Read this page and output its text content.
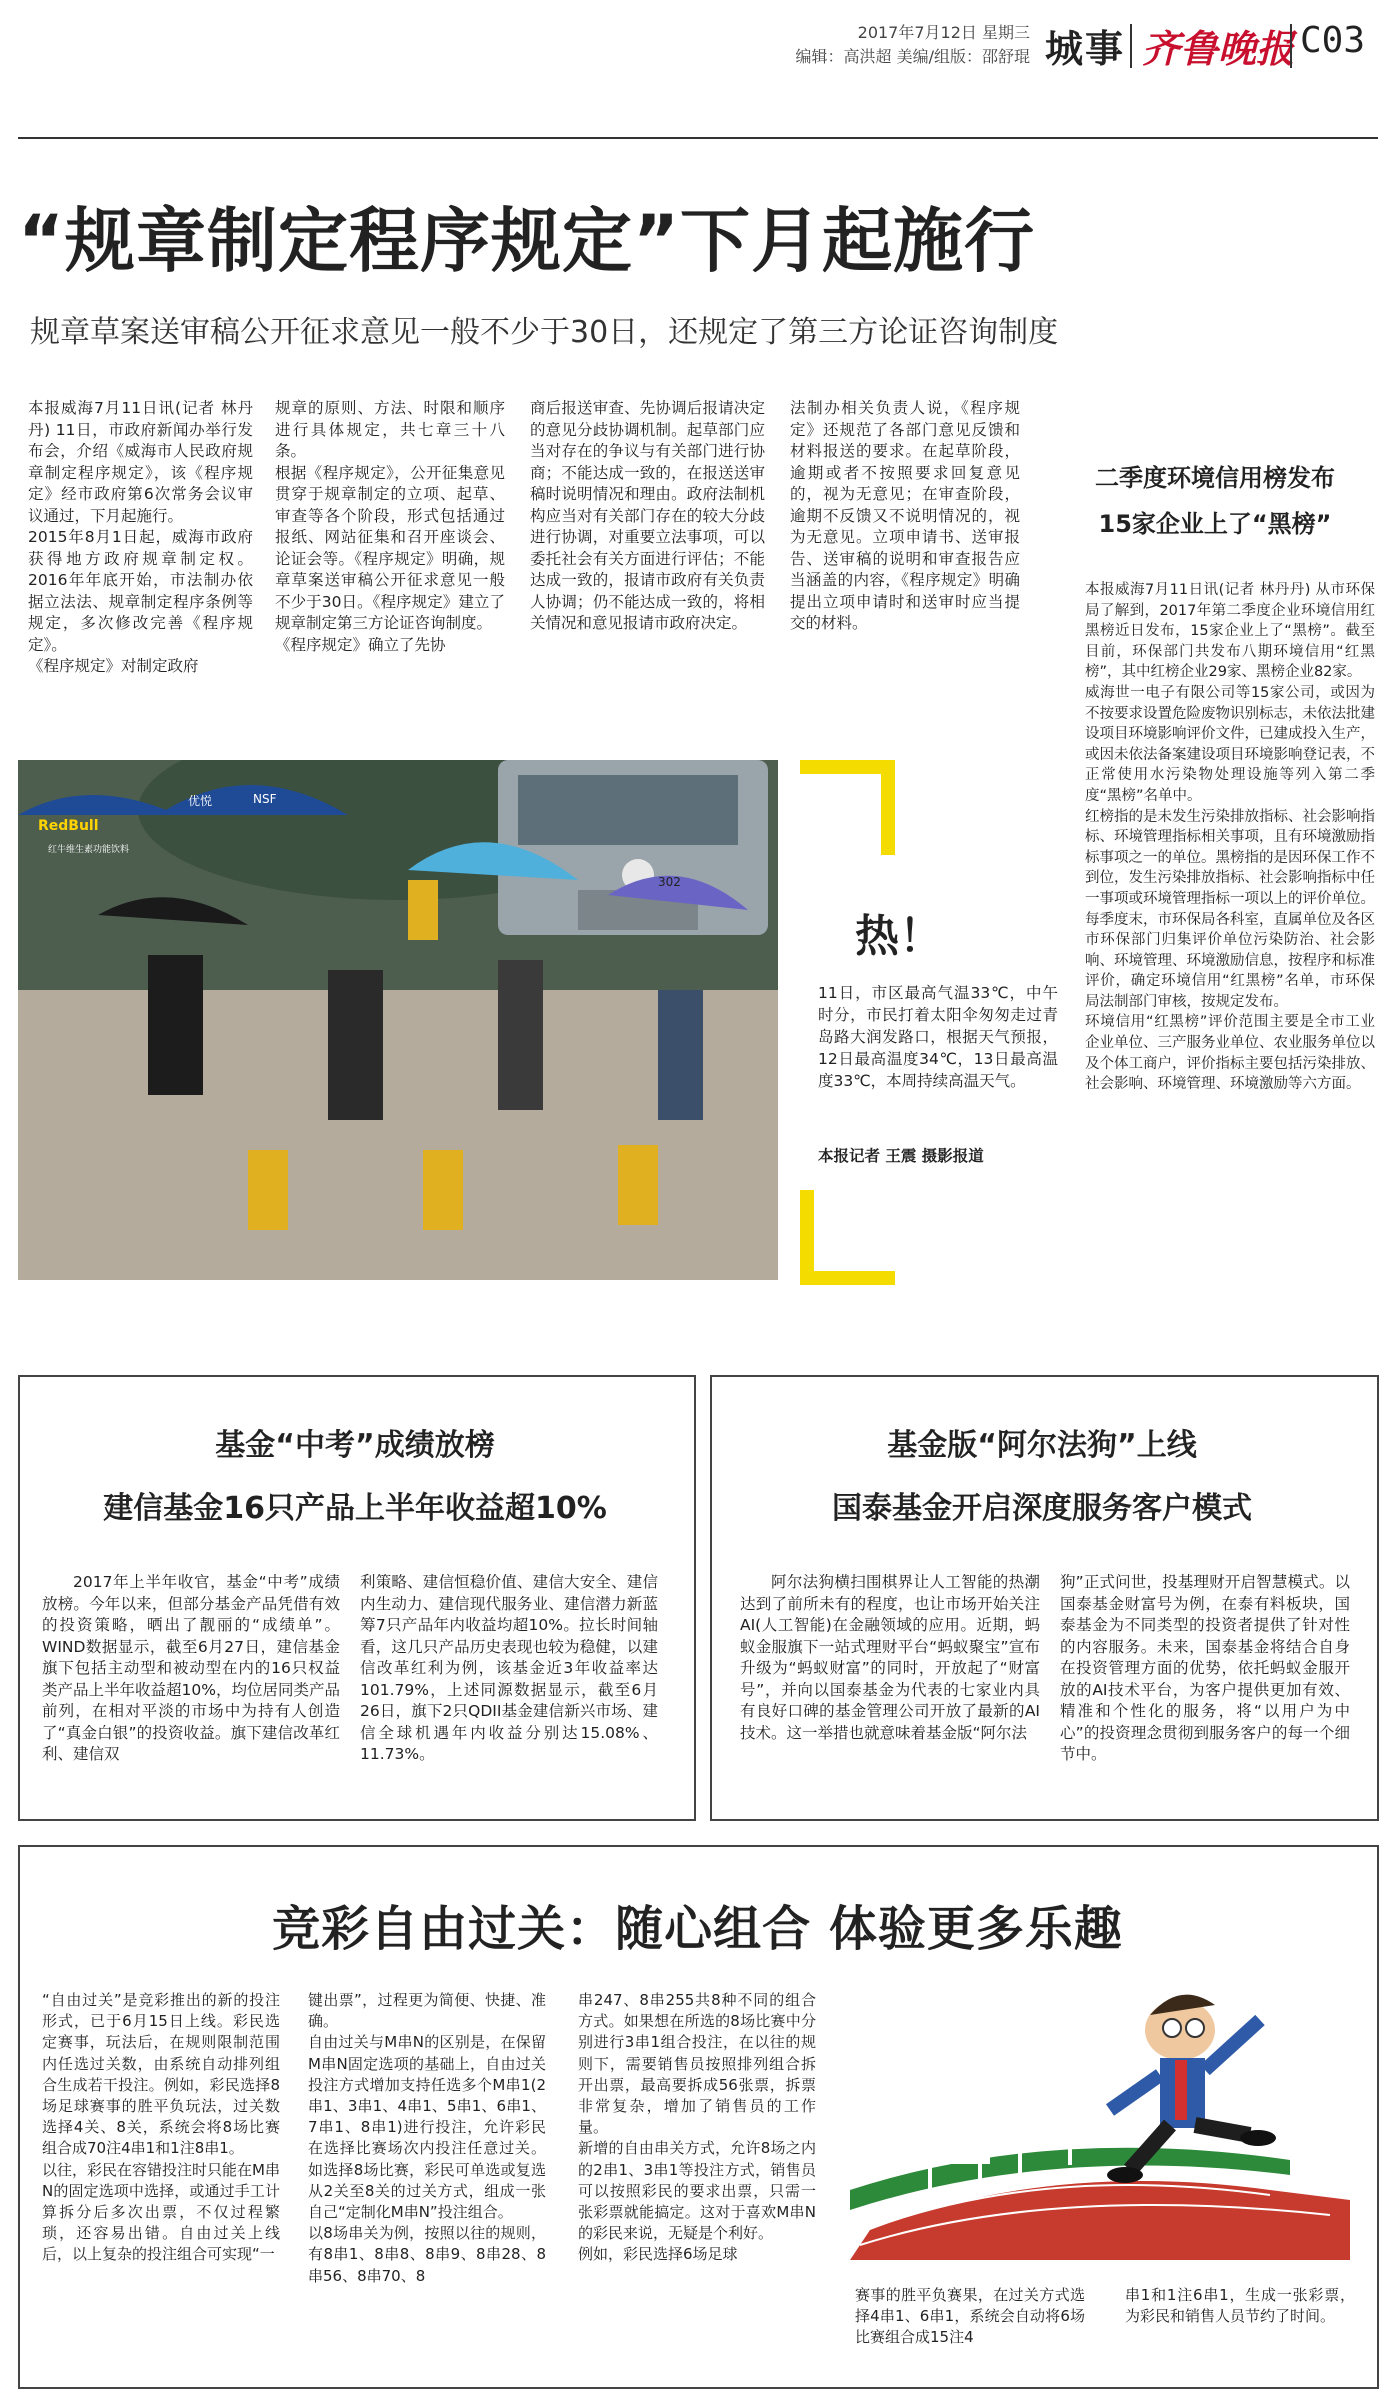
2017年7月12日 星期三
编辑：高洪超 美编/组版：邵舒琨 城事 齐鲁晚报 C03
“规章制定程序规定”下月起施行
规章草案送审稿公开征求意见一般不少于30日，还规定了第三方论证咨询制度
本报威海7月11日讯(记者 林丹丹) 11日，市政府新闻办举行发布会，介绍《威海市人民政府规章制定程序规定》，该《程序规定》经市政府第6次常务会议审议通过，下月起施行。
2015年8月1日起，威海市政府获得地方政府规章制定权。2016年年底开始，市法制办依据立法法、规章制定程序条例等规定，多次修改完善《程序规定》。
《程序规定》对制定政府
规章的原则、方法、时限和顺序进行具体规定，共七章三十八条。
根据《程序规定》，公开征集意见贯穿于规章制定的立项、起草、审查等各个阶段，形式包括通过报纸、网站征集和召开座谈会、论证会等。《程序规定》明确，规章草案送审稿公开征求意见一般不少于30日。《程序规定》建立了规章制定第三方论证咨询制度。
《程序规定》确立了先协
商后报送审查、先协调后报请决定的意见分歧协调机制。起草部门应当对存在的争议与有关部门进行协商；不能达成一致的，在报送送审稿时说明情况和理由。政府法制机构应当对有关部门存在的较大分歧进行协调，对重要立法事项，可以委托社会有关方面进行评估；不能达成一致的，报请市政府有关负责人协调；仍不能达成一致的，将相关情况和意见报请市政府决定。
法制办相关负责人说，《程序规定》还规范了各部门意见反馈和材料报送的要求。在起草阶段，逾期或者不按照要求回复意见的，视为无意见；在审查阶段，逾期不反馈又不说明情况的，视为无意见。立项申请书、送审报告、送审稿的说明和审查报告应当涵盖的内容，《程序规定》明确提出立项申请时和送审时应当提交的材料。
二季度环境信用榜发布
15家企业上了“黑榜”
本报威海7月11日讯(记者 林丹丹) 从市环保局了解到，2017年第二季度企业环境信用红黑榜近日发布，15家企业上了“黑榜”。截至目前，环保部门共发布八期环境信用“红黑榜”，其中红榜企业29家、黑榜企业82家。
威海世一电子有限公司等15家公司，或因为不按要求设置危险废物识别标志，未依法批建设项目环境影响评价文件，已建成投入生产，或因未依法备案建设项目环境影响登记表，不正常使用水污染物处理设施等列入第二季度“黑榜”名单中。
红榜指的是未发生污染排放指标、社会影响指标、环境管理指标相关事项，且有环境激励指标事项之一的单位。黑榜指的是因环保工作不到位，发生污染排放指标、社会影响指标中任一事项或环境管理指标一项以上的评价单位。
每季度末，市环保局各科室，直属单位及各区市环保部门归集评价单位污染防治、社会影响、环境管理、环境激励信息，按程序和标准评价，确定环境信用“红黑榜”名单，市环保局法制部门审核，按规定发布。
环境信用“红黑榜”评价范围主要是全市工业企业单位、三产服务业单位、农业服务单位以及个体工商户，评价指标主要包括污染排放、社会影响、环境管理、环境激励等六方面。
RedBull
红牛维生素功能饮料
优悦	NSF
302
热！
11日，市区最高气温33℃，中午时分，市民打着太阳伞匆匆走过青岛路大润发路口，根据天气预报，12日最高温度34℃，13日最高温度33℃，本周持续高温天气。
本报记者 王震 摄影报道
基金“中考”成绩放榜
建信基金16只产品上半年收益超10%
2017年上半年收官，基金“中考”成绩放榜。今年以来，但部分基金产品凭借有效的投资策略，晒出了靓丽的“成绩单”。WIND数据显示，截至6月27日，建信基金旗下包括主动型和被动型在内的16只权益类产品上半年收益超10%，均位居同类产品前列，在相对平淡的市场中为持有人创造了“真金白银”的投资收益。旗下建信改革红利、建信双
利策略、建信恒稳价值、建信大安全、建信内生动力、建信现代服务业、建信潜力新蓝筹7只产品年内收益均超10%。拉长时间轴看，这几只产品历史表现也较为稳健，以建信改革红利为例，该基金近3年收益率达101.79%，上述同源数据显示，截至6月26日，旗下2只QDII基金建信新兴市场、建信全球机遇年内收益分别达15.08%、11.73%。
基金版“阿尔法狗”上线
国泰基金开启深度服务客户模式
阿尔法狗横扫围棋界让人工智能的热潮达到了前所未有的程度，也让市场开始关注AI(人工智能)在金融领域的应用。近期，蚂蚁金服旗下一站式理财平台“蚂蚁聚宝”宣布升级为“蚂蚁财富”的同时，开放起了“财富号”，并向以国泰基金为代表的七家业内具有良好口碑的基金管理公司开放了最新的AI技术。这一举措也就意味着基金版“阿尔法
狗”正式问世，投基理财开启智慧模式。以国泰基金财富号为例，在泰有料板块，国泰基金为不同类型的投资者提供了针对性的内容服务。未来，国泰基金将结合自身在投资管理方面的优势，依托蚂蚁金服开放的AI技术平台，为客户提供更加有效、精准和个性化的服务，将“以用户为中心”的投资理念贯彻到服务客户的每一个细节中。
竞彩自由过关：随心组合 体验更多乐趣
“自由过关”是竞彩推出的新的投注形式，已于6月15日上线。彩民选定赛事，玩法后，在规则限制范围内任选过关数，由系统自动排列组合生成若干投注。例如，彩民选择8场足球赛事的胜平负玩法，过关数选择4关、8关，系统会将8场比赛组合成70注4串1和1注8串1。
以往，彩民在容错投注时只能在M串N的固定选项中选择，或通过手工计算拆分后多次出票，不仅过程繁琐，还容易出错。自由过关上线后，以上复杂的投注组合可实现“一
键出票”，过程更为简便、快捷、准确。
自由过关与M串N的区别是，在保留M串N固定选项的基础上，自由过关投注方式增加支持任选多个M串1(2串1、3串1、4串1、5串1、6串1、7串1、8串1)进行投注，允许彩民在选择比赛场次内投注任意过关。如选择8场比赛，彩民可单选或复选从2关至8关的过关方式，组成一张自己“定制化M串N”投注组合。
以8场串关为例，按照以往的规则，有8串1、8串8、8串9、8串28、8串56、8串70、8
串247、8串255共8种不同的组合方式。如果想在所选的8场比赛中分别进行3串1组合投注，在以往的规则下，需要销售员按照排列组合拆开出票，最高要拆成56张票，拆票非常复杂，增加了销售员的工作量。
新增的自由串关方式，允许8场之内的2串1、3串1等投注方式，销售员可以按照彩民的要求出票，只需一张彩票就能搞定。这对于喜欢M串N的彩民来说，无疑是个利好。
例如，彩民选择6场足球
赛事的胜平负赛果，在过关方式选择4串1、6串1，系统会自动将6场比赛组合成15注4
串1和1注6串1，生成一张彩票，为彩民和销售人员节约了时间。
